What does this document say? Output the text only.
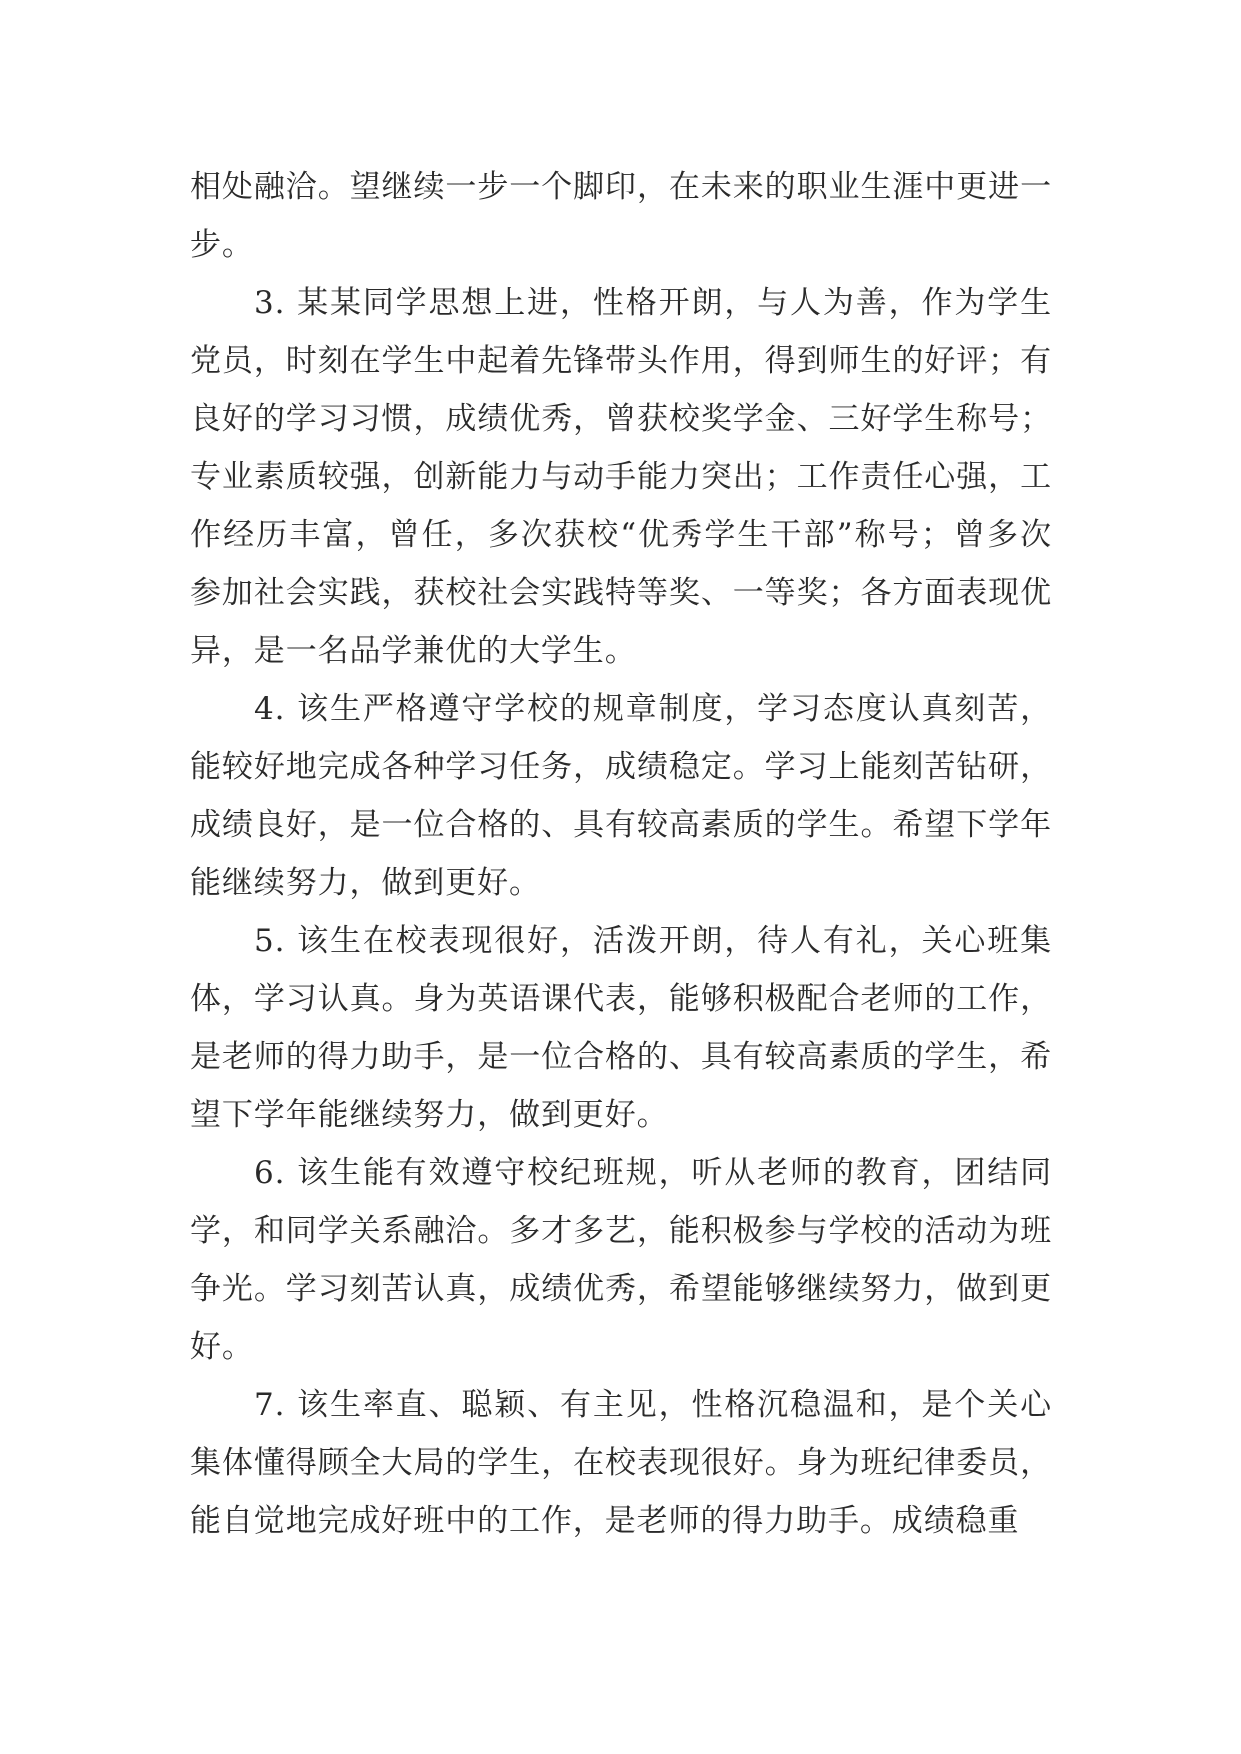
相处融洽。望继续一步一个脚印，在未来的职业生涯中更进一步。

3. 某某同学思想上进，性格开朗，与人为善，作为学生党员，时刻在学生中起着先锋带头作用，得到师生的好评；有良好的学习习惯，成绩优秀，曾获校奖学金、三好学生称号；专业素质较强，创新能力与动手能力突出；工作责任心强，工作经历丰富，曾任，多次获校“优秀学生干部”称号；曾多次参加社会实践，获校社会实践特等奖、一等奖；各方面表现优异，是一名品学兼优的大学生。

4. 该生严格遵守学校的规章制度，学习态度认真刻苦，能较好地完成各种学习任务，成绩稳定。学习上能刻苦钻研，成绩良好，是一位合格的、具有较高素质的学生。希望下学年能继续努力，做到更好。

5. 该生在校表现很好，活泼开朗，待人有礼，关心班集体，学习认真。身为英语课代表，能够积极配合老师的工作，是老师的得力助手，是一位合格的、具有较高素质的学生，希望下学年能继续努力，做到更好。

6. 该生能有效遵守校纪班规，听从老师的教育，团结同学，和同学关系融洽。多才多艺，能积极参与学校的活动为班争光。学习刻苦认真，成绩优秀，希望能够继续努力，做到更好。

7. 该生率直、聪颖、有主见，性格沉稳温和，是个关心集体懂得顾全大局的学生，在校表现很好。身为班纪律委员，能自觉地完成好班中的工作，是老师的得力助手。成绩稳重
